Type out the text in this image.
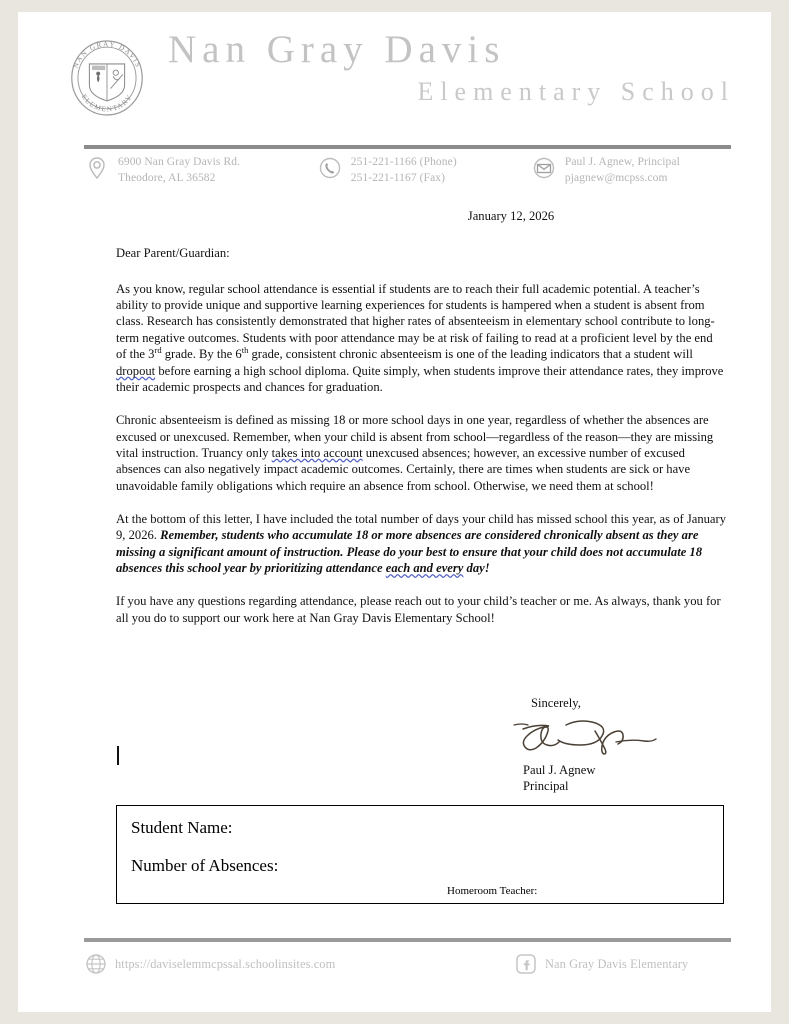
NAN GRAY DAVIS
ELEMENTARY
Nan Gray Davis
Elementary School
6900 Nan Gray Davis Rd.
Theodore, AL 36582
251-221-1166 (Phone)
251-221-1167 (Fax)
Paul J. Agnew, Principal
pjagnew@mcpss.com
January 12, 2026
Dear Parent/Guardian:

As you know, regular school attendance is essential if students are to reach their full academic potential. A teacher’s ability to provide unique and supportive learning experiences for students is hampered when a student is absent from class. Research has consistently demonstrated that higher rates of absenteeism in elementary school contribute to long-term negative outcomes. Students with poor attendance may be at risk of failing to read at a proficient level by the end of the 3rd grade. By the 6th grade, consistent chronic absenteeism is one of the leading indicators that a student will dropout before earning a high school diploma. Quite simply, when students improve their attendance rates, they improve their academic prospects and chances for graduation.

Chronic absenteeism is defined as missing 18 or more school days in one year, regardless of whether the absences are excused or unexcused. Remember, when your child is absent from school—regardless of the reason—they are missing vital instruction. Truancy only takes into account unexcused absences; however, an excessive number of excused absences can also negatively impact academic outcomes. Certainly, there are times when students are sick or have unavoidable family obligations which require an absence from school. Otherwise, we need them at school!

At the bottom of this letter, I have included the total number of days your child has missed school this year, as of January 9, 2026. Remember, students who accumulate 18 or more absences are considered chronically absent as they are missing a significant amount of instruction. Please do your best to ensure that your child does not accumulate 18 absences this school year by prioritizing attendance each and every day!

If you have any questions regarding attendance, please reach out to your child’s teacher or me. As always, thank you for all you do to support our work here at Nan Gray Davis Elementary School!

Sincerely,
Paul J. Agnew
Principal
Student Name:
Number of Absences:
Homeroom Teacher:
https://daviselemmcpssal.schoolinsites.com	Nan Gray Davis Elementary
